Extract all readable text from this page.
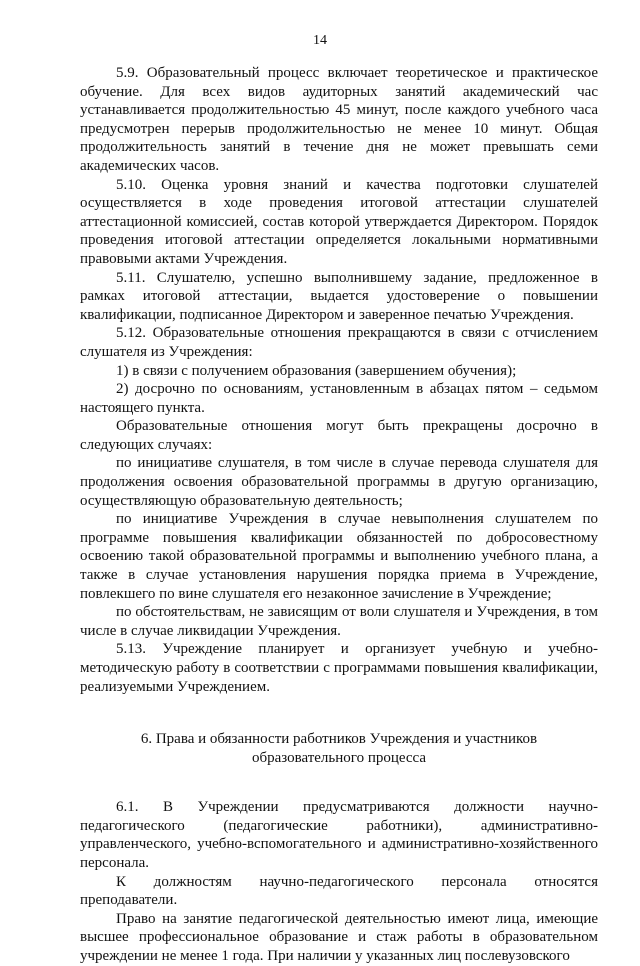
14

5.9. Образовательный процесс включает теоретическое и практическое обучение. Для всех видов аудиторных занятий академический час устанавливается продолжительностью 45 минут, после каждого учебного часа предусмотрен перерыв продолжительностью не менее 10 минут. Общая продолжительность занятий в течение дня не может превышать семи академических часов.

5.10. Оценка уровня знаний и качества подготовки слушателей осуществляется в ходе проведения итоговой аттестации слушателей аттестационной комиссией, состав которой утверждается Директором. Порядок проведения итоговой аттестации определяется локальными нормативными правовыми актами Учреждения.

5.11. Слушателю, успешно выполнившему задание, предложенное в рамках итоговой аттестации, выдается удостоверение о повышении квалификации, подписанное Директором и заверенное печатью Учреждения.

5.12. Образовательные отношения прекращаются в связи с отчислением слушателя из Учреждения:

1) в связи с получением образования (завершением обучения);

2) досрочно по основаниям, установленным в абзацах пятом – седьмом настоящего пункта.

Образовательные отношения могут быть прекращены досрочно в следующих случаях:

по инициативе слушателя, в том числе в случае перевода слушателя для продолжения освоения образовательной программы в другую организацию, осуществляющую образовательную деятельность;

по инициативе Учреждения в случае невыполнения слушателем по программе повышения квалификации обязанностей по добросовестному освоению такой образовательной программы и выполнению учебного плана, а также в случае установления нарушения порядка приема в Учреждение, повлекшего по вине слушателя его незаконное зачисление в Учреждение;

по обстоятельствам, не зависящим от воли слушателя и Учреждения, в том числе в случае ликвидации Учреждения.

5.13. Учреждение планирует и организует учебную и учебно-методическую работу в соответствии с программами повышения квалификации, реализуемыми Учреждением.

6. Права и обязанности работников Учреждения и участников
образовательного процесса

6.1. В Учреждении предусматриваются должности научно-педагогического (педагогические работники), административно-управленческого, учебно-вспомогательного и административно-хозяйственного персонала.

К должностям научно-педагогического персонала относятся преподаватели.

Право на занятие педагогической деятельностью имеют лица, имеющие высшее профессиональное образование и стаж работы в образовательном учреждении не менее 1 года. При наличии у указанных лиц послевузовского
